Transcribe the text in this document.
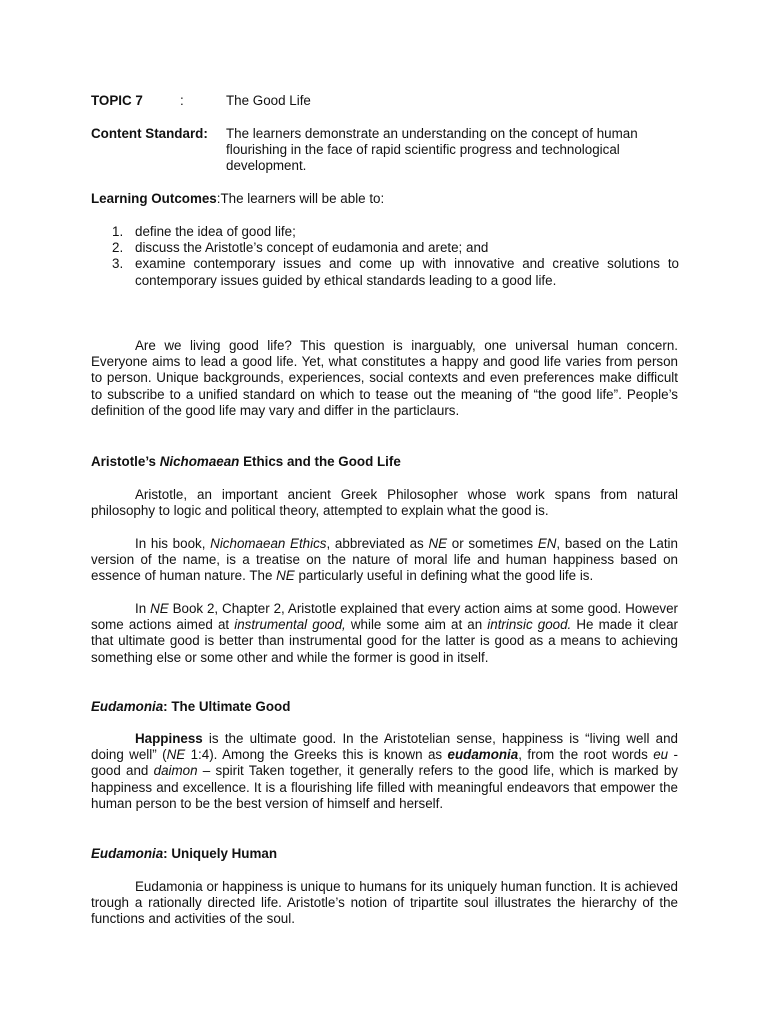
TOPIC 7	:	The Good Life
Content Standard: The learners demonstrate an understanding on the concept of human flourishing in the face of rapid scientific progress and technological development.
Learning Outcomes:The learners will be able to:
1. define the idea of good life;
2. discuss the Aristotle’s concept of eudamonia and arete; and
3. examine contemporary issues and come up with innovative and creative solutions to contemporary issues guided by ethical standards leading to a good life.

Are we living good life? This question is inarguably, one universal human concern. Everyone aims to lead a good life. Yet, what constitutes a happy and good life varies from person to person. Unique backgrounds, experiences, social contexts and even preferences make difficult to subscribe to a unified standard on which to tease out the meaning of “the good life”. People’s definition of the good life may vary and differ in the particlaurs.

Aristotle’s Nichomaean Ethics and the Good Life

Aristotle, an important ancient Greek Philosopher whose work spans from natural philosophy to logic and political theory, attempted to explain what the good is.

In his book, Nichomaean Ethics, abbreviated as NE or sometimes EN, based on the Latin version of the name, is a treatise on the nature of moral life and human happiness based on essence of human nature. The NE particularly useful in defining what the good life is.

In NE Book 2, Chapter 2, Aristotle explained that every action aims at some good. However some actions aimed at instrumental good, while some aim at an intrinsic good. He made it clear that ultimate good is better than instrumental good for the latter is good as a means to achieving something else or some other and while the former is good in itself.

Eudamonia: The Ultimate Good

Happiness is the ultimate good. In the Aristotelian sense, happiness is “living well and doing well” (NE 1:4). Among the Greeks this is known as eudamonia, from the root words eu - good and daimon – spirit Taken together, it generally refers to the good life, which is marked by happiness and excellence. It is a flourishing life filled with meaningful endeavors that empower the human person to be the best version of himself and herself.

Eudamonia: Uniquely Human

Eudamonia or happiness is unique to humans for its uniquely human function. It is achieved trough a rationally directed life. Aristotle’s notion of tripartite soul illustrates the hierarchy of the functions and activities of the soul.
